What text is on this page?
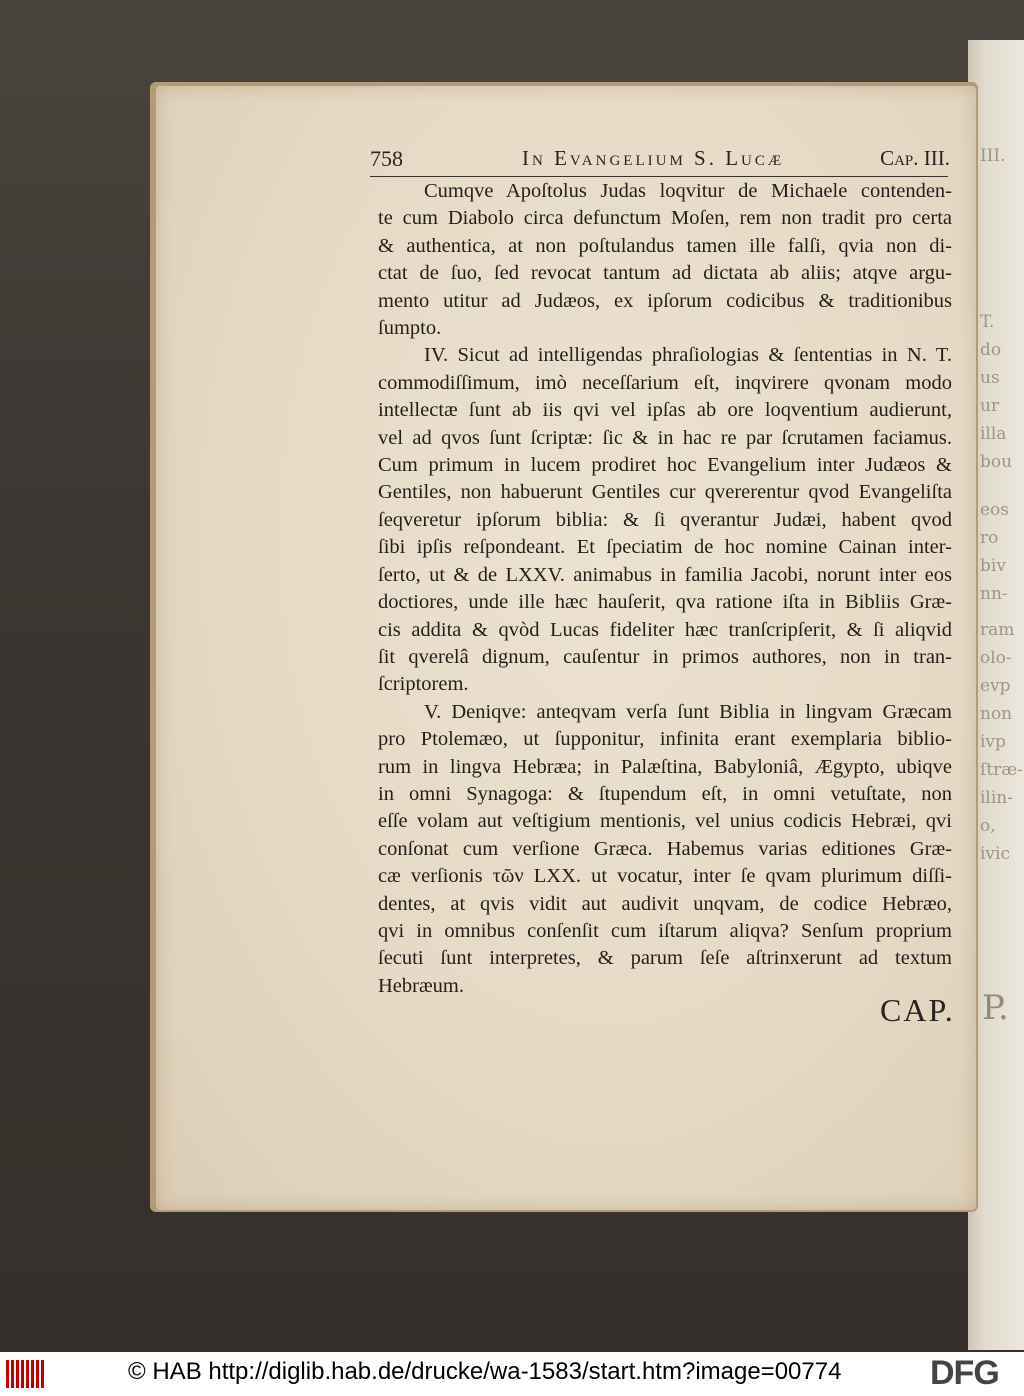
III.
T.
do
us
ur
illa
bou
eos
ro
biv
nn-
ram
olo-
evp
non
ivp
ſtræ-
ilin-
o,
ivic
P.
758	In Evangelium S. Lucæ	Cap. III.
Cumqve Apoſtolus Judas loqvitur de Michaele contenden-
te cum Diabolo circa defunctum Moſen, rem non tradit pro certa
& authentica, at non poſtulandus tamen ille falſi, qvia non di-
ctat de ſuo, ſed revocat tantum ad dictata ab aliis; atqve argu-
mento utitur ad Judæos, ex ipſorum codicibus & traditionibus
ſumpto.
IV. Sicut ad intelligendas phraſiologias & ſententias in N. T.
commodiſſimum, imò neceſſarium eſt, inqvirere qvonam modo
intellectæ ſunt ab iis qvi vel ipſas ab ore loqventium audierunt,
vel ad qvos ſunt ſcriptæ: ſic & in hac re par ſcrutamen faciamus.
Cum primum in lucem prodiret hoc Evangelium inter Judæos &
Gentiles, non habuerunt Gentiles cur qvererentur qvod Evangeliſta
ſeqveretur ipſorum biblia: & ſi qverantur Judæi, habent qvod
ſibi ipſis reſpondeant. Et ſpeciatim de hoc nomine Cainan inter-
ſerto, ut & de LXXV. animabus in familia Jacobi, norunt inter eos
doctiores, unde ille hæc hauſerit, qva ratione iſta in Bibliis Græ-
cis addita & qvòd Lucas fideliter hæc tranſcripſerit, & ſi aliqvid
ſit qverelâ dignum, cauſentur in primos authores, non in tran-
ſcriptorem.
V. Deniqve: anteqvam verſa ſunt Biblia in lingvam Græcam
pro Ptolemæo, ut ſupponitur, infinita erant exemplaria biblio-
rum in lingva Hebræa; in Palæſtina, Babyloniâ, Ægypto, ubiqve
in omni Synagoga: & ſtupendum eſt, in omni vetuſtate, non
eſſe volam aut veſtigium mentionis, vel unius codicis Hebræi, qvi
conſonat cum verſione Græca. Habemus varias editiones Græ-
cæ verſionis τῶν LXX. ut vocatur, inter ſe qvam plurimum diſſi-
dentes, at qvis vidit aut audivit unqvam, de codice Hebræo,
qvi in omnibus conſenſit cum iſtarum aliqva? Senſum proprium
ſecuti ſunt interpretes, & parum ſeſe aſtrinxerunt ad textum
Hebræum.
CAP.
© HAB http://diglib.hab.de/drucke/wa-1583/start.htm?image=00774	DFG
